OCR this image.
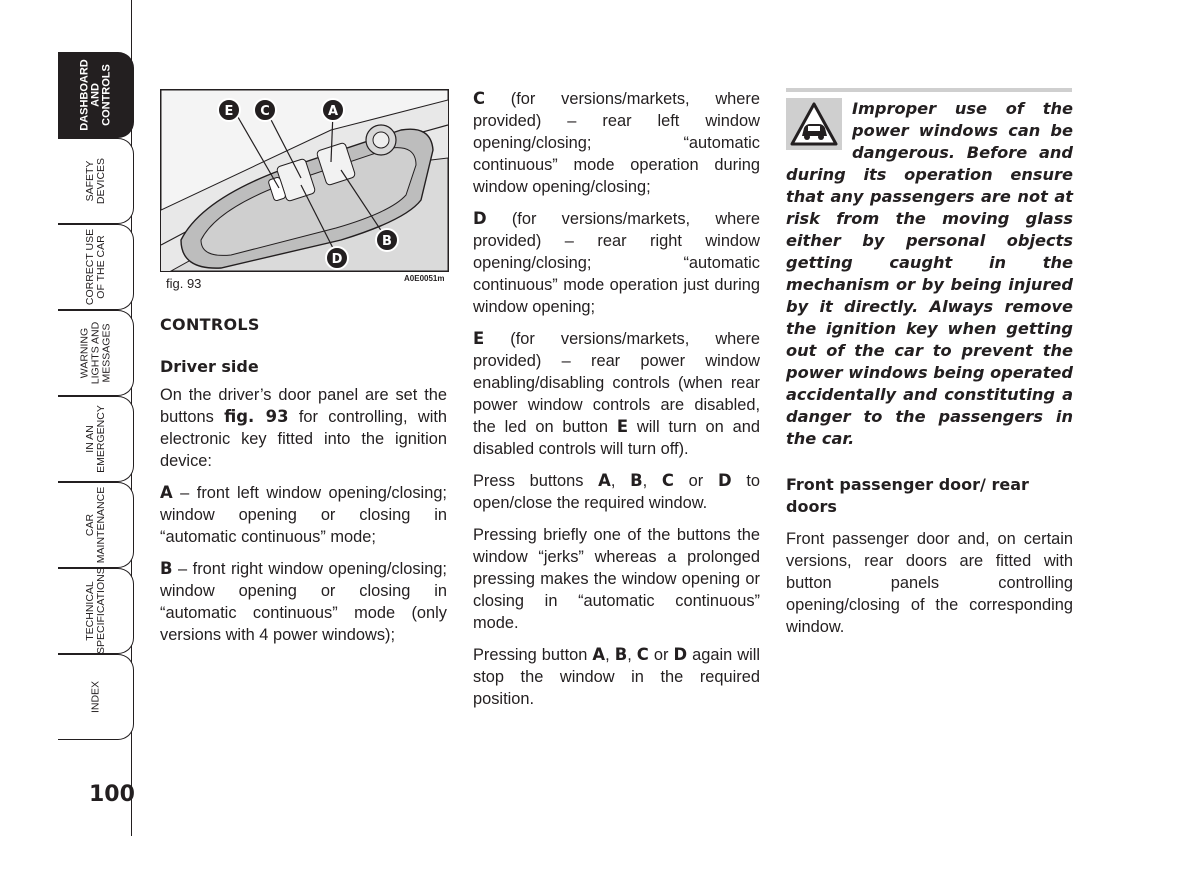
DASHBOARD
AND
CONTROLS
SAFETY
DEVICES
CORRECT USE
OF THE CAR
WARNING
LIGHTS AND
MESSAGES
IN AN
EMERGENCY
CAR
MAINTENANCE
TECHNICAL
SPECIFICATIONS
INDEX
100
E C	A
B
D
fig. 93	A0E0051m
CONTROLS
Driver side

On the driver’s door panel are set the buttons fig. 93 for controlling, with electronic key fitted into the ignition device:

A – front left window opening/closing; window opening or closing in “automatic continuous” mode;

B – front right window opening/closing; window opening or closing in “automatic continuous” mode (only versions with 4 power windows);

C (for versions/markets, where provided) – rear left window opening/closing; “automatic continuous” mode operation during window opening/closing;

D (for versions/markets, where provided) – rear right window opening/closing; “automatic continuous” mode operation just during window opening;

E (for versions/markets, where provided) – rear power window enabling/disabling controls (when rear power window controls are disabled, the led on button E will turn on and disabled controls will turn off).

Press buttons A, B, C or D to open/close the required window.

Pressing briefly one of the buttons the window “jerks” whereas a prolonged pressing makes the window opening or closing in “automatic continuous” mode.

Pressing button A, B, C or D again will stop the window in the required position.

Improper use of the power windows can be dangerous. Before and during its operation ensure that any passengers are not at risk from the moving glass either by personal objects getting caught in the mechanism or by being injured by it directly. Always remove the ignition key when getting out of the car to prevent the power windows being operated accidentally and constituting a danger to the passengers in the car.
Front passenger door/ rear doors
Front passenger door and, on certain versions, rear doors are fitted with button panels controlling opening/closing of the corresponding window.
